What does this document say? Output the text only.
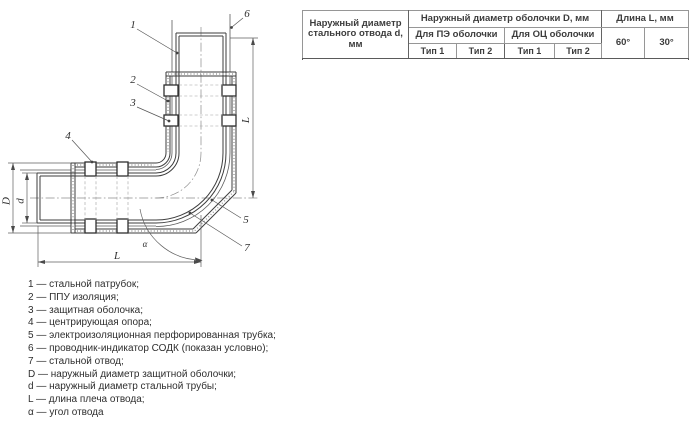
D d
L
L
α
1
2
3
4
5
6
7
1 — стальной патрубок;
2 — ППУ изоляция;
3 — защитная оболочка;
4 — центрирующая опора;
5 — электроизоляционная перфорированная трубка;
6 — проводник-индикатор СОДК (показан условно);
7 — стальной отвод;
D — наружный диаметр защитной оболочки;
d — наружный диаметр стальной трубы;
L — длина плеча отвода;
α — угол отвода
Наружный диаметр стального отвода d, мм	Наружный диаметр оболочки D, мм				Длина L, мм	
	Для ПЭ оболочки		Для ОЦ оболочки		60°	30°
	Тип 1	Тип 2	Тип 1	Тип 2		
